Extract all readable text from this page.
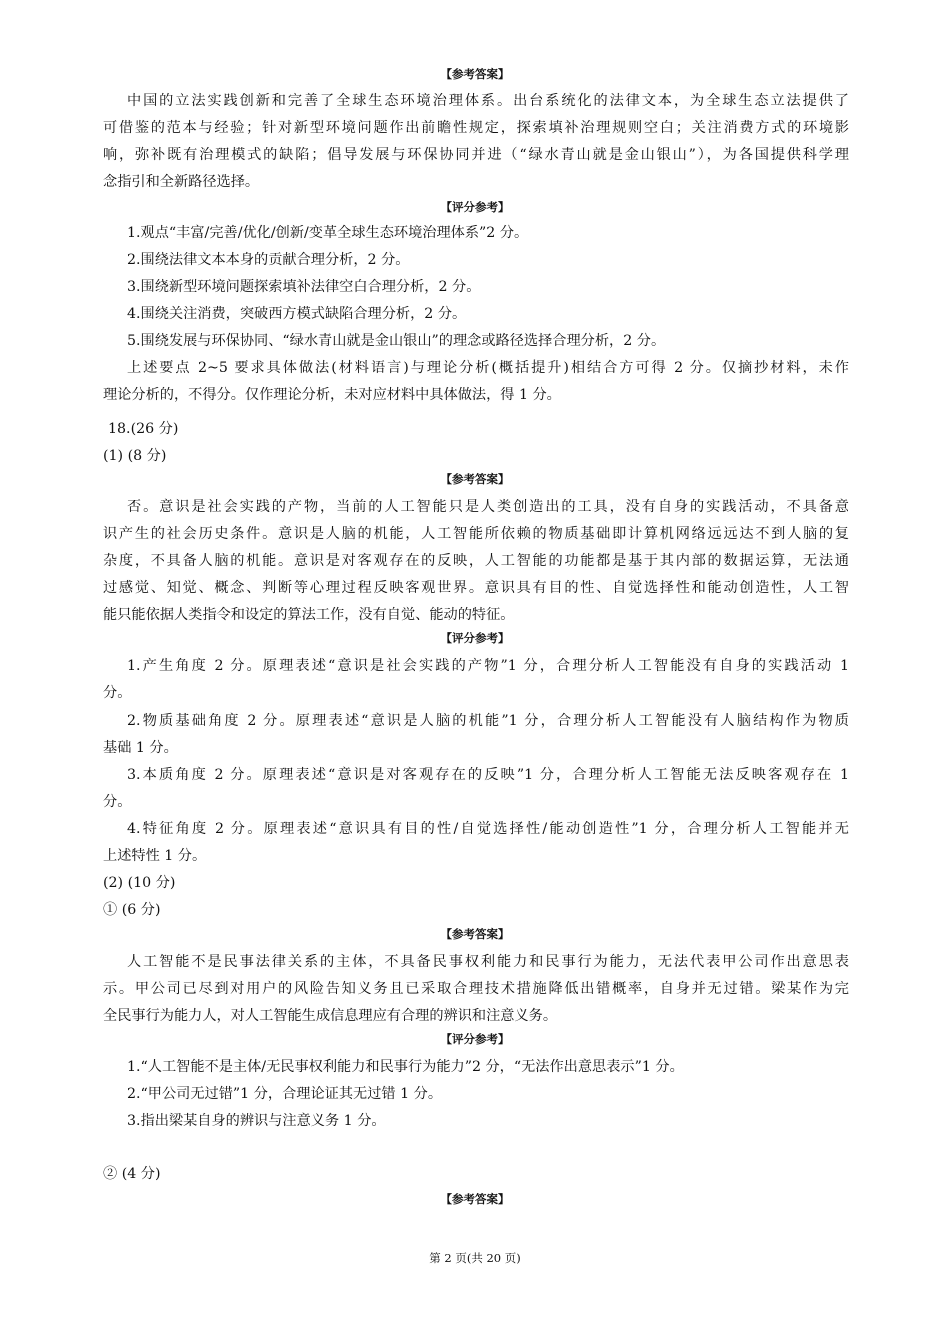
【参考答案】
中国的立法实践创新和完善了全球生态环境治理体系。出台系统化的法律文本，为全球生态立法提供了
可借鉴的范本与经验；针对新型环境问题作出前瞻性规定，探索填补治理规则空白；关注消费方式的环境影
响，弥补既有治理模式的缺陷；倡导发展与环保协同并进（“绿水青山就是金山银山”），为各国提供科学理
念指引和全新路径选择。
【评分参考】
1.观点“丰富/完善/优化/创新/变革全球生态环境治理体系”2 分。
2.围绕法律文本本身的贡献合理分析，2 分。
3.围绕新型环境问题探索填补法律空白合理分析，2 分。
4.围绕关注消费，突破西方模式缺陷合理分析，2 分。
5.围绕发展与环保协同、“绿水青山就是金山银山”的理念或路径选择合理分析，2 分。
上述要点 2~5 要求具体做法(材料语言)与理论分析(概括提升)相结合方可得 2 分。仅摘抄材料，未作
理论分析的，不得分。仅作理论分析，未对应材料中具体做法，得 1 分。
18.(26 分)
(1) (8 分)
【参考答案】
否。意识是社会实践的产物，当前的人工智能只是人类创造出的工具，没有自身的实践活动，不具备意
识产生的社会历史条件。意识是人脑的机能，人工智能所依赖的物质基础即计算机网络远远达不到人脑的复
杂度，不具备人脑的机能。意识是对客观存在的反映，人工智能的功能都是基于其内部的数据运算，无法通
过感觉、知觉、概念、判断等心理过程反映客观世界。意识具有目的性、自觉选择性和能动创造性，人工智
能只能依据人类指令和设定的算法工作，没有自觉、能动的特征。
【评分参考】
1.产生角度 2 分。原理表述“意识是社会实践的产物”1 分，合理分析人工智能没有自身的实践活动 1
分。
2.物质基础角度 2 分。原理表述“意识是人脑的机能”1 分，合理分析人工智能没有人脑结构作为物质
基础 1 分。
3.本质角度 2 分。原理表述“意识是对客观存在的反映”1 分，合理分析人工智能无法反映客观存在 1
分。
4.特征角度 2 分。原理表述“意识具有目的性/自觉选择性/能动创造性”1 分，合理分析人工智能并无
上述特性 1 分。
(2) (10 分)
① (6 分)
【参考答案】
人工智能不是民事法律关系的主体，不具备民事权利能力和民事行为能力，无法代表甲公司作出意思表
示。甲公司已尽到对用户的风险告知义务且已采取合理技术措施降低出错概率，自身并无过错。梁某作为完
全民事行为能力人，对人工智能生成信息理应有合理的辨识和注意义务。
【评分参考】
1.“人工智能不是主体/无民事权利能力和民事行为能力”2 分，“无法作出意思表示”1 分。
2.“甲公司无过错”1 分，合理论证其无过错 1 分。
3.指出梁某自身的辨识与注意义务 1 分。
② (4 分)
【参考答案】
第 2 页(共 20 页)
